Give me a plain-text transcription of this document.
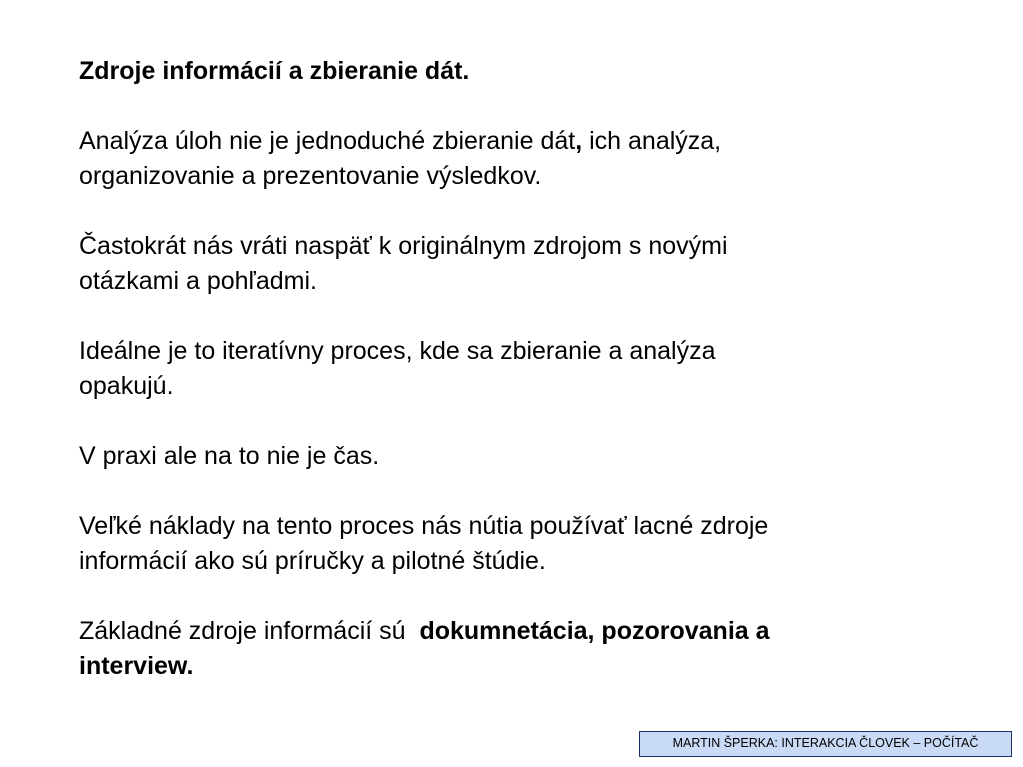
Zdroje informácií a zbieranie dát.
Analýza úloh nie je jednoduché zbieranie dát, ich analýza,
organizovanie a prezentovanie výsledkov.
Častokrát nás vráti naspäť k originálnym zdrojom s novými
otázkami a pohľadmi.
Ideálne je to iteratívny proces, kde sa zbieranie a analýza
opakujú.
V praxi ale na to nie je čas.
Veľké náklady na tento proces nás nútia používať lacné zdroje
informácií ako sú príručky a pilotné štúdie.
Základné zdroje informácií sú  dokumnetácia, pozorovania a
interview.
MARTIN ŠPERKA: INTERAKCIA ČLOVEK – POČÍTAČ
